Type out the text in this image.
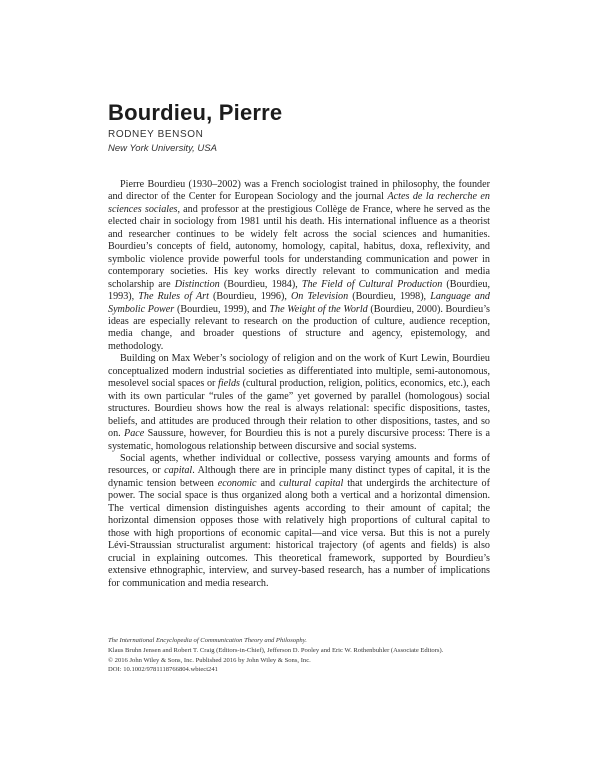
Bourdieu, Pierre
RODNEY BENSON
New York University, USA

Pierre Bourdieu (1930–2002) was a French sociologist trained in philosophy, the founder and director of the Center for European Sociology and the journal Actes de la recherche en sciences sociales, and professor at the prestigious Collège de France, where he served as the elected chair in sociology from 1981 until his death. His international influence as a theorist and researcher continues to be widely felt across the social sciences and humanities. Bourdieu’s concepts of field, autonomy, homology, capital, habitus, doxa, reflexivity, and symbolic violence provide powerful tools for understanding communication and power in contemporary societies. His key works directly relevant to communication and media scholarship are Distinction (Bourdieu, 1984), The Field of Cultural Production (Bourdieu, 1993), The Rules of Art (Bourdieu, 1996), On Television (Bourdieu, 1998), Language and Symbolic Power (Bourdieu, 1999), and The Weight of the World (Bourdieu, 2000). Bourdieu’s ideas are especially relevant to research on the production of culture, audience reception, media change, and broader questions of structure and agency, epistemology, and methodology.

Building on Max Weber’s sociology of religion and on the work of Kurt Lewin, Bourdieu conceptualized modern industrial societies as differentiated into multiple, semi-autonomous, mesolevel social spaces or fields (cultural production, religion, politics, economics, etc.), each with its own particular “rules of the game” yet governed by parallel (homologous) social structures. Bourdieu shows how the real is always relational: specific dispositions, tastes, beliefs, and attitudes are produced through their relation to other dispositions, tastes, and so on. Pace Saussure, however, for Bourdieu this is not a purely discursive process: There is a systematic, homologous relationship between discursive and social systems.

Social agents, whether individual or collective, possess varying amounts and forms of resources, or capital. Although there are in principle many distinct types of capital, it is the dynamic tension between economic and cultural capital that undergirds the architecture of power. The social space is thus organized along both a vertical and a horizontal dimension. The vertical dimension distinguishes agents according to their amount of capital; the horizontal dimension opposes those with relatively high proportions of cultural capital to those with high proportions of economic capital—and vice versa. But this is not a purely Lévi-Straussian structuralist argument: historical trajectory (of agents and fields) is also crucial in explaining outcomes. This theoretical framework, supported by Bourdieu’s extensive ethnographic, interview, and survey-based research, has a number of implications for communication and media research.

The International Encyclopedia of Communication Theory and Philosophy.
Klaus Bruhn Jensen and Robert T. Craig (Editors-in-Chief), Jefferson D. Pooley and Eric W. Rothenbuhler (Associate Editors).
© 2016 John Wiley & Sons, Inc. Published 2016 by John Wiley & Sons, Inc.
DOI: 10.1002/9781118766804.wbiect241
